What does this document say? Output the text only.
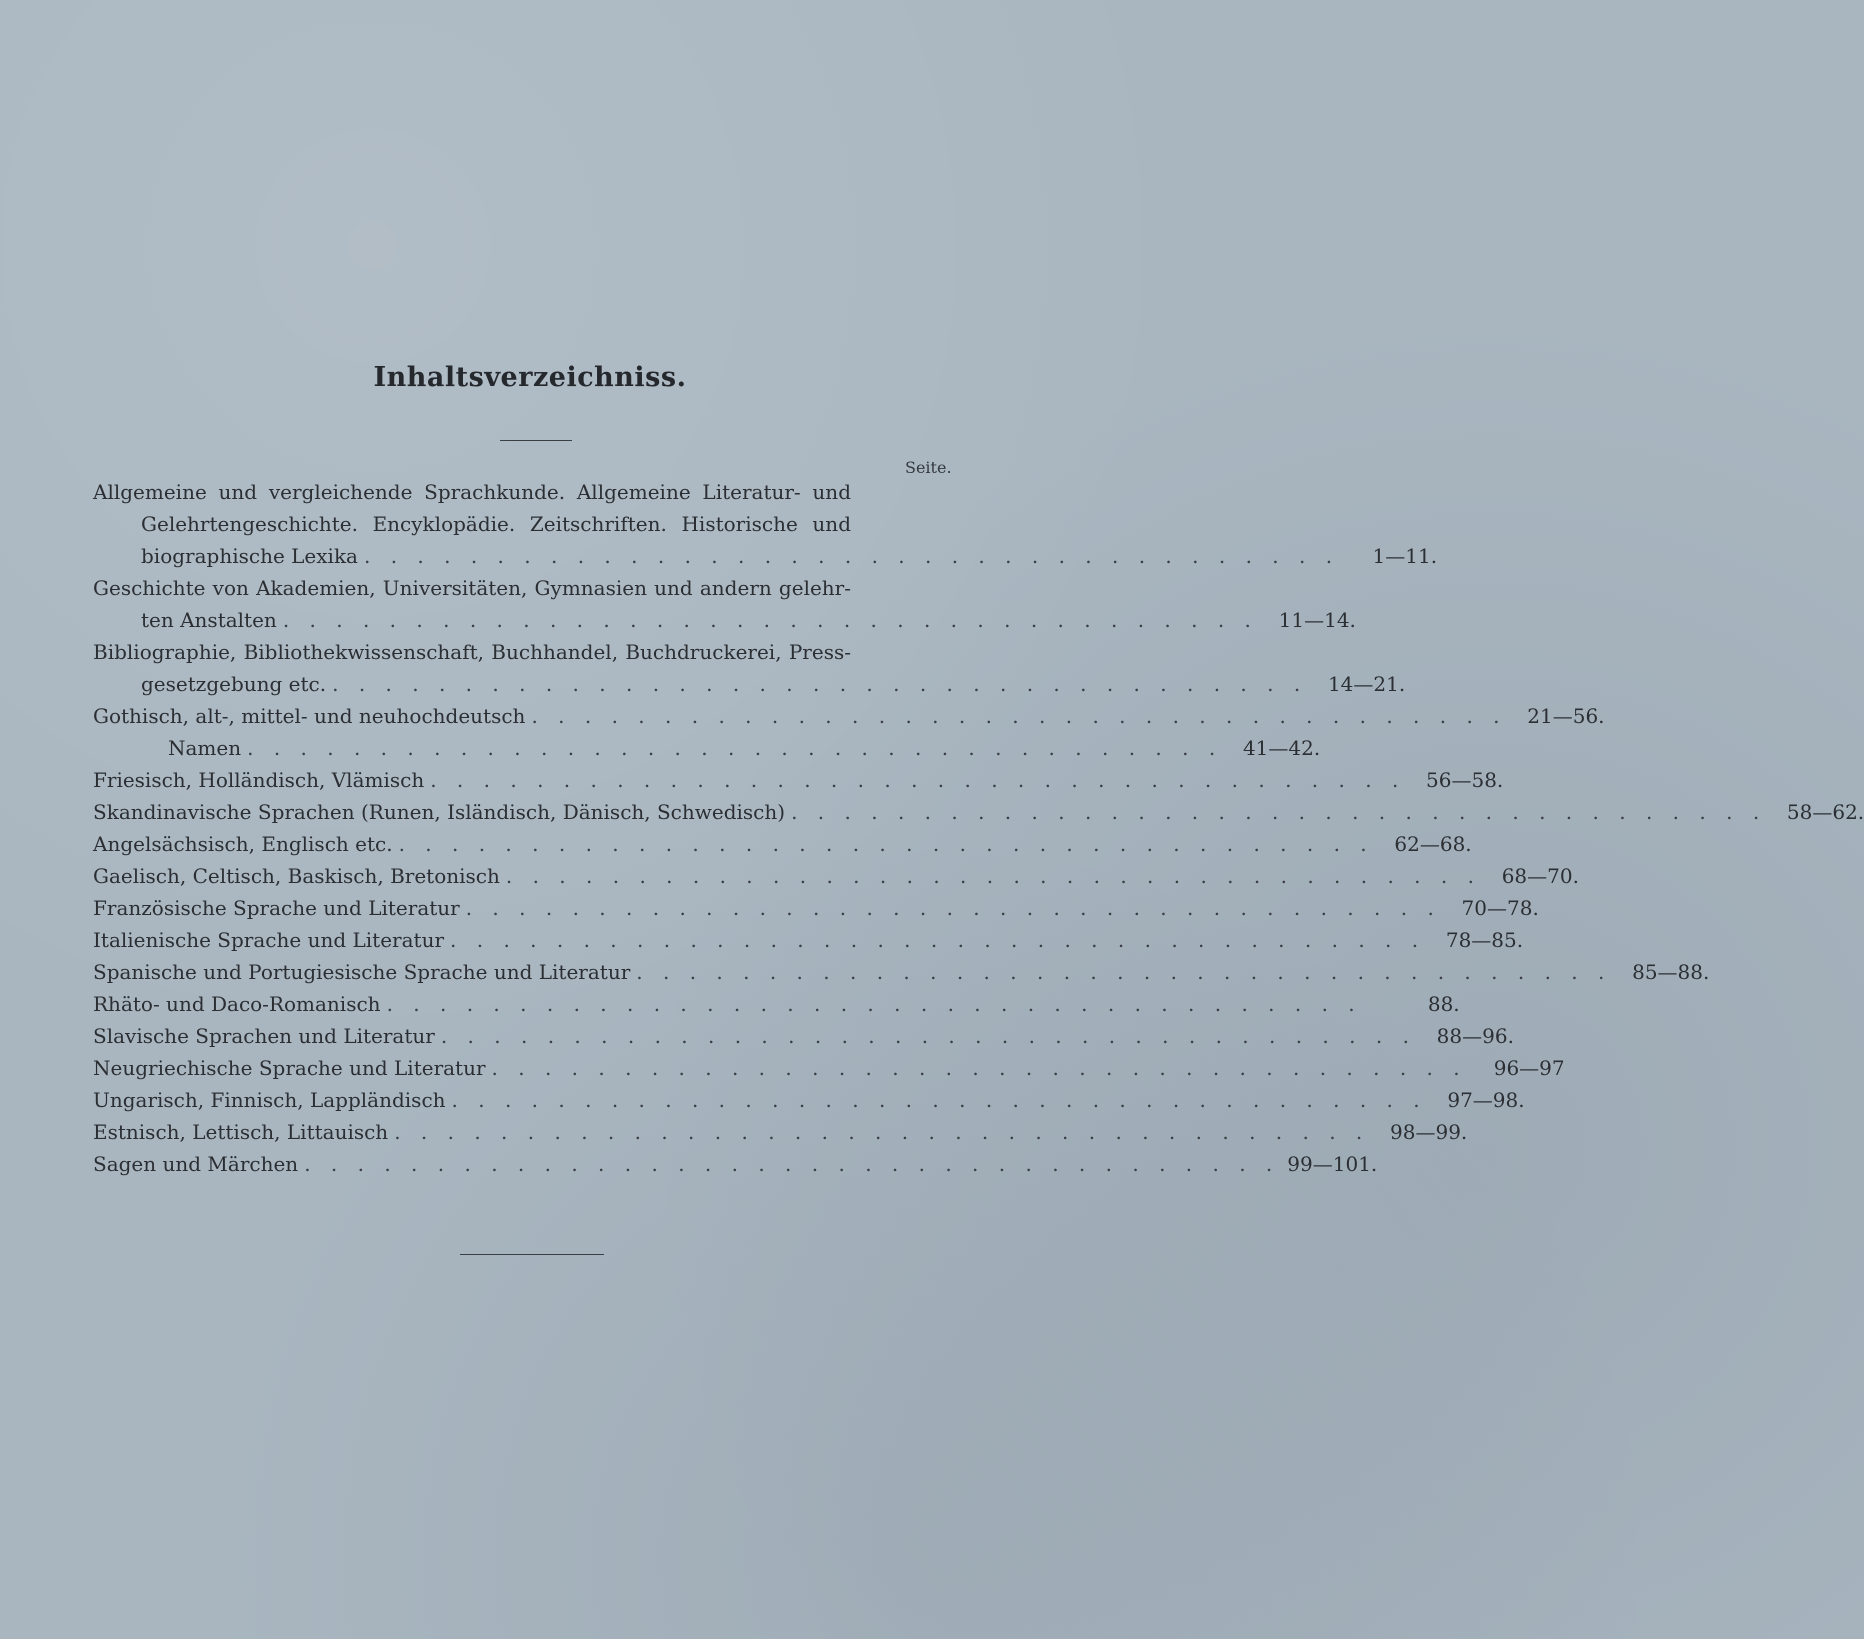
Inhaltsverzeichniss.
Seite.
Allgemeine und vergleichende Sprachkunde. Allgemeine Literatur- und
Gelehrtengeschichte. Encyklopädie. Zeitschriften. Historische und
biographische Lexika . . . . . . . . . . . . . . . . . . . . . . . . . . . . . . . . . . . . .	1—11.
Geschichte von Akademien, Universitäten, Gymnasien und andern gelehr-
ten Anstalten . . . . . . . . . . . . . . . . . . . . . . . . . . . . . . . . . . . . .	11—14.
Bibliographie, Bibliothekwissenschaft, Buchhandel, Buchdruckerei, Press-
gesetzgebung etc. . . . . . . . . . . . . . . . . . . . . . . . . . . . . . . . . . . . . .	14—21.
Gothisch, alt-, mittel- und neuhochdeutsch . . . . . . . . . . . . . . . . . . . . . . . . . . . . . . . . . . . . .	21—56.
Namen . . . . . . . . . . . . . . . . . . . . . . . . . . . . . . . . . . . . .	41—42.
Friesisch, Holländisch, Vlämisch . . . . . . . . . . . . . . . . . . . . . . . . . . . . . . . . . . . . .	56—58.
Skandinavische Sprachen (Runen, Isländisch, Dänisch, Schwedisch) . . . . . . . . . . . . . . . . . . . . . . . . . . . . . . . . . . . . .	58—62.
Angelsächsisch, Englisch etc. . . . . . . . . . . . . . . . . . . . . . . . . . . . . . . . . . . . . .	62—68.
Gaelisch, Celtisch, Baskisch, Bretonisch . . . . . . . . . . . . . . . . . . . . . . . . . . . . . . . . . . . . .	68—70.
Französische Sprache und Literatur . . . . . . . . . . . . . . . . . . . . . . . . . . . . . . . . . . . . .	70—78.
Italienische Sprache und Literatur . . . . . . . . . . . . . . . . . . . . . . . . . . . . . . . . . . . . .	78—85.
Spanische und Portugiesische Sprache und Literatur . . . . . . . . . . . . . . . . . . . . . . . . . . . . . . . . . . . . .	85—88.
Rhäto- und Daco-Romanisch . . . . . . . . . . . . . . . . . . . . . . . . . . . . . . . . . . . . .	88.
Slavische Sprachen und Literatur . . . . . . . . . . . . . . . . . . . . . . . . . . . . . . . . . . . . .	88—96.
Neugriechische Sprache und Literatur . . . . . . . . . . . . . . . . . . . . . . . . . . . . . . . . . . . . .	96—97
Ungarisch, Finnisch, Lappländisch . . . . . . . . . . . . . . . . . . . . . . . . . . . . . . . . . . . . .	97—98.
Estnisch, Lettisch, Littauisch . . . . . . . . . . . . . . . . . . . . . . . . . . . . . . . . . . . . .	98—99.
Sagen und Märchen . . . . . . . . . . . . . . . . . . . . . . . . . . . . . . . . . . . . . 99—101.
